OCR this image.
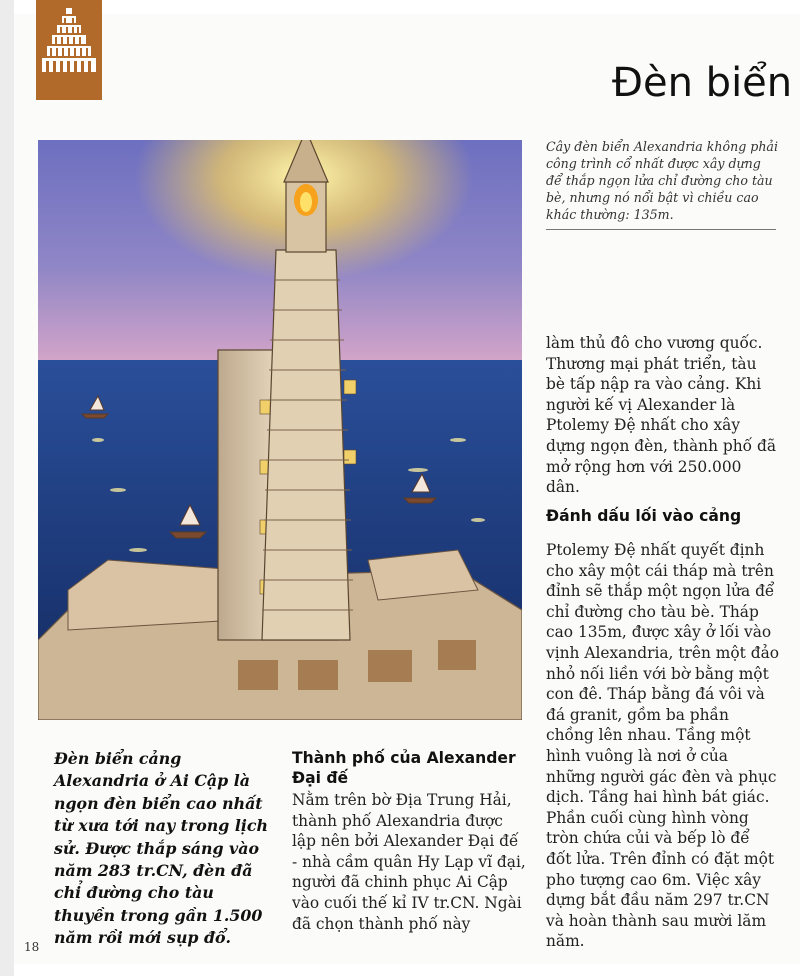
Đèn biển

Cây đèn biển Alexandria không phải công trình cổ nhất được xây dựng để thắp ngọn lửa chỉ đường cho tàu bè, nhưng nó nổi bật vì chiều cao khác thường: 135m.

Đánh dấu lối vào cảng

làm thủ đô cho vương quốc. Thương mại phát triển, tàu bè tấp nập ra vào cảng. Khi người kế vị Alexander là Ptolemy Đệ nhất cho xây dựng ngọn đèn, thành phố đã mở rộng hơn với 250.000 dân.

Ptolemy Đệ nhất quyết định cho xây một cái tháp mà trên đỉnh sẽ thắp một ngọn lửa để chỉ đường cho tàu bè. Tháp cao 135m, được xây ở lối vào vịnh Alexandria, trên một đảo nhỏ nối liền với bờ bằng một con đê. Tháp bằng đá vôi và đá granit, gồm ba phần chồng lên nhau. Tầng một hình vuông là nơi ở của những người gác đèn và phục dịch. Tầng hai hình bát giác. Phần cuối cùng hình vòng tròn chứa củi và bếp lò để đốt lửa. Trên đỉnh có đặt một pho tượng cao 6m. Việc xây dựng bắt đầu năm 297 tr.CN và hoàn thành sau mười lăm năm.

Đèn biển cảng Alexandria ở Ai Cập là ngọn đèn biển cao nhất từ xưa tới nay trong lịch sử. Được thắp sáng vào năm 283 tr.CN, đèn đã chỉ đường cho tàu thuyền trong gần 1.500 năm rồi mới sụp đổ.

Thành phố của Alexander Đại đế

Nằm trên bờ Địa Trung Hải, thành phố Alexandria được lập nên bởi Alexander Đại đế - nhà cầm quân Hy Lạp vĩ đại, người đã chinh phục Ai Cập vào cuối thế kỉ IV tr.CN. Ngài đã chọn thành phố này

18
